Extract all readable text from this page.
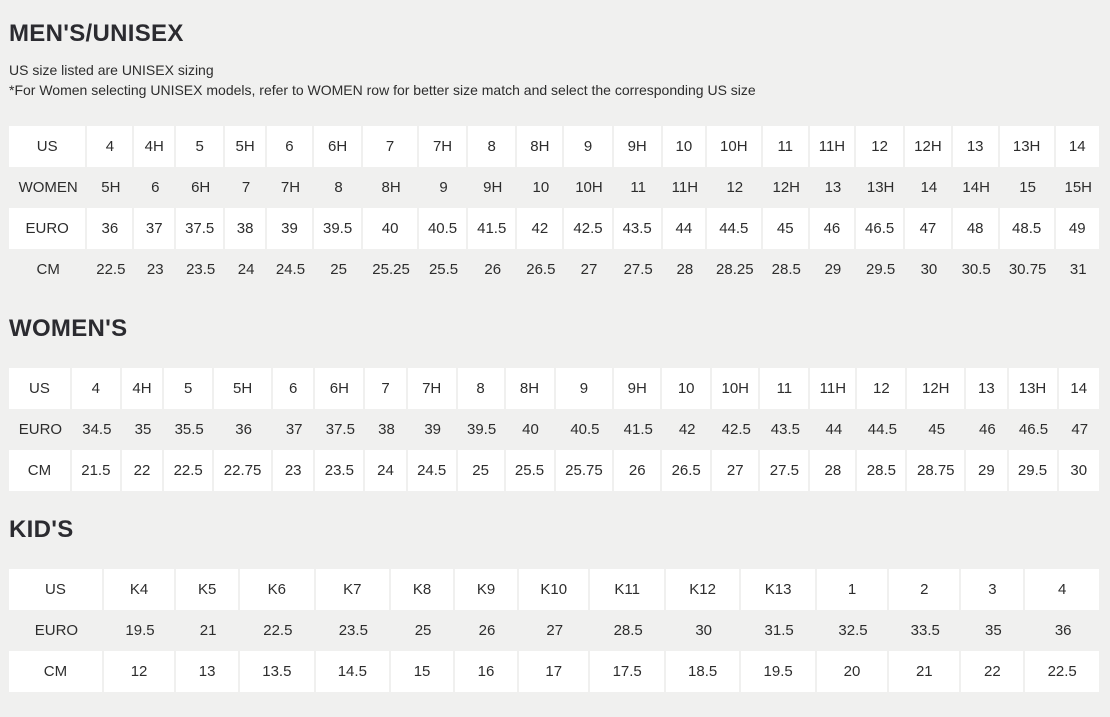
MEN'S/UNISEX

US size listed are UNISEX sizing

*For Women selecting UNISEX models, refer to WOMEN row for better size match and select the corresponding US size

US	4	4H	5	5H	6	6H	7	7H	8	8H	9	9H	10	10H	11	11H	12	12H	13	13H	14
WOMEN	5H	6	6H	7	7H	8	8H	9	9H	10	10H	11	11H	12	12H	13	13H	14	14H	15	15H
EURO	36	37	37.5	38	39	39.5	40	40.5	41.5	42	42.5	43.5	44	44.5	45	46	46.5	47	48	48.5	49
CM	22.5	23	23.5	24	24.5	25	25.25	25.5	26	26.5	27	27.5	28	28.25	28.5	29	29.5	30	30.5	30.75	31
WOMEN'S
US	4	4H	5	5H	6	6H	7	7H	8	8H	9	9H	10	10H	11	11H	12	12H	13	13H	14
EURO	34.5	35	35.5	36	37	37.5	38	39	39.5	40	40.5	41.5	42	42.5	43.5	44	44.5	45	46	46.5	47
CM	21.5	22	22.5	22.75	23	23.5	24	24.5	25	25.5	25.75	26	26.5	27	27.5	28	28.5	28.75	29	29.5	30
KID'S
US	K4	K5	K6	K7	K8	K9	K10	K11	K12	K13	1	2	3	4
EURO	19.5	21	22.5	23.5	25	26	27	28.5	30	31.5	32.5	33.5	35	36
CM	12	13	13.5	14.5	15	16	17	17.5	18.5	19.5	20	21	22	22.5
